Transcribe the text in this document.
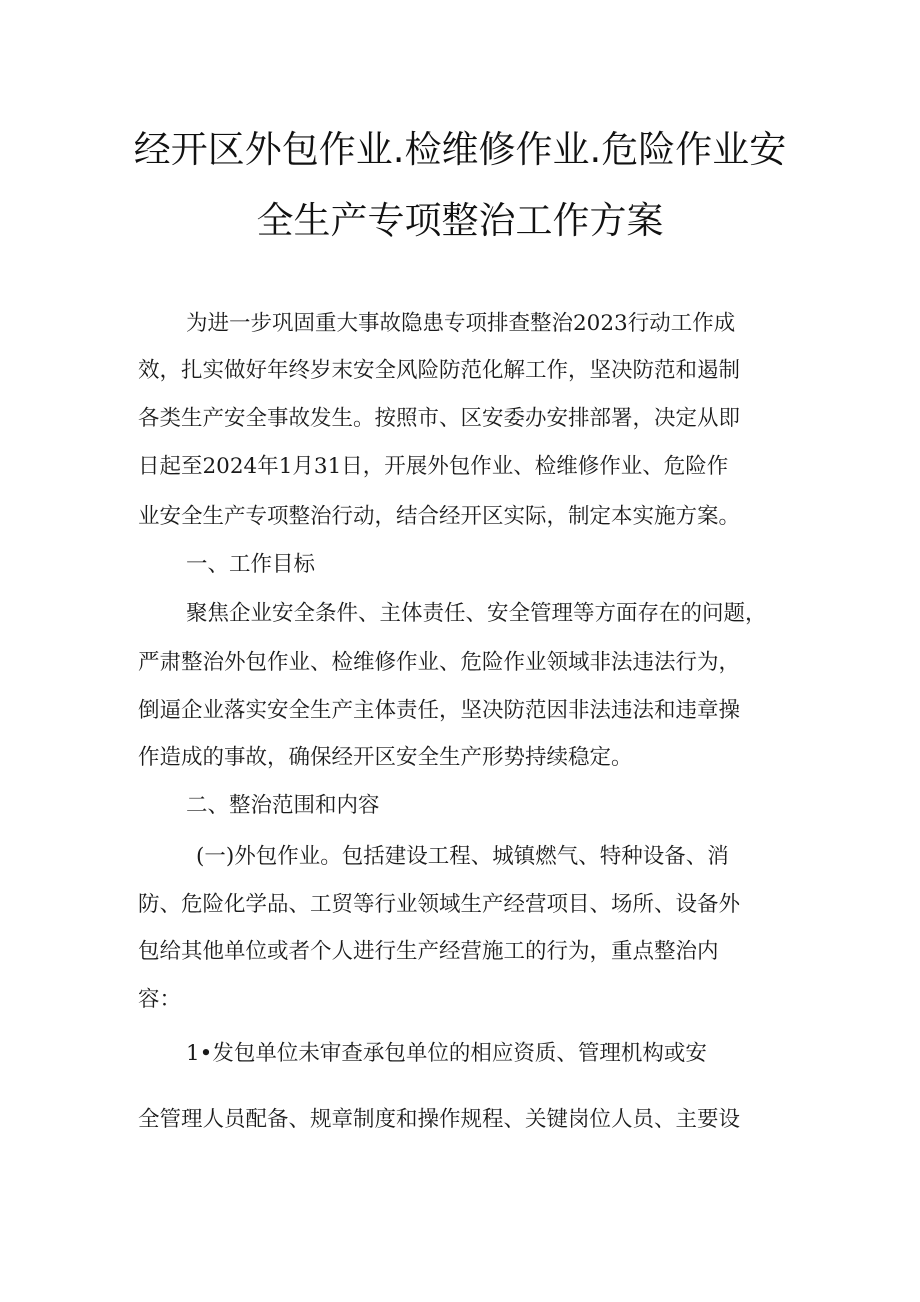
经开区外包作业.检维修作业.危险作业安
全生产专项整治工作方案
为进一步巩固重大事故隐患专项排查整治2023行动工作成
效，扎实做好年终岁末安全风险防范化解工作，坚决防范和遏制
各类生产安全事故发生。按照市、区安委办安排部署，决定从即
日起至2024年1月31日，开展外包作业、检维修作业、危险作
业安全生产专项整治行动，结合经开区实际，制定本实施方案。
一、工作目标
聚焦企业安全条件、主体责任、安全管理等方面存在的问题，
严肃整治外包作业、检维修作业、危险作业领域非法违法行为，
倒逼企业落实安全生产主体责任，坚决防范因非法违法和违章操
作造成的事故，确保经开区安全生产形势持续稳定。
二、整治范围和内容
(一)外包作业。包括建设工程、城镇燃气、特种设备、消
防、危险化学品、工贸等行业领域生产经营项目、场所、设备外
包给其他单位或者个人进行生产经营施工的行为，重点整治内
容：
1•发包单位未审查承包单位的相应资质、管理机构或安
全管理人员配备、规章制度和操作规程、关键岗位人员、主要设
